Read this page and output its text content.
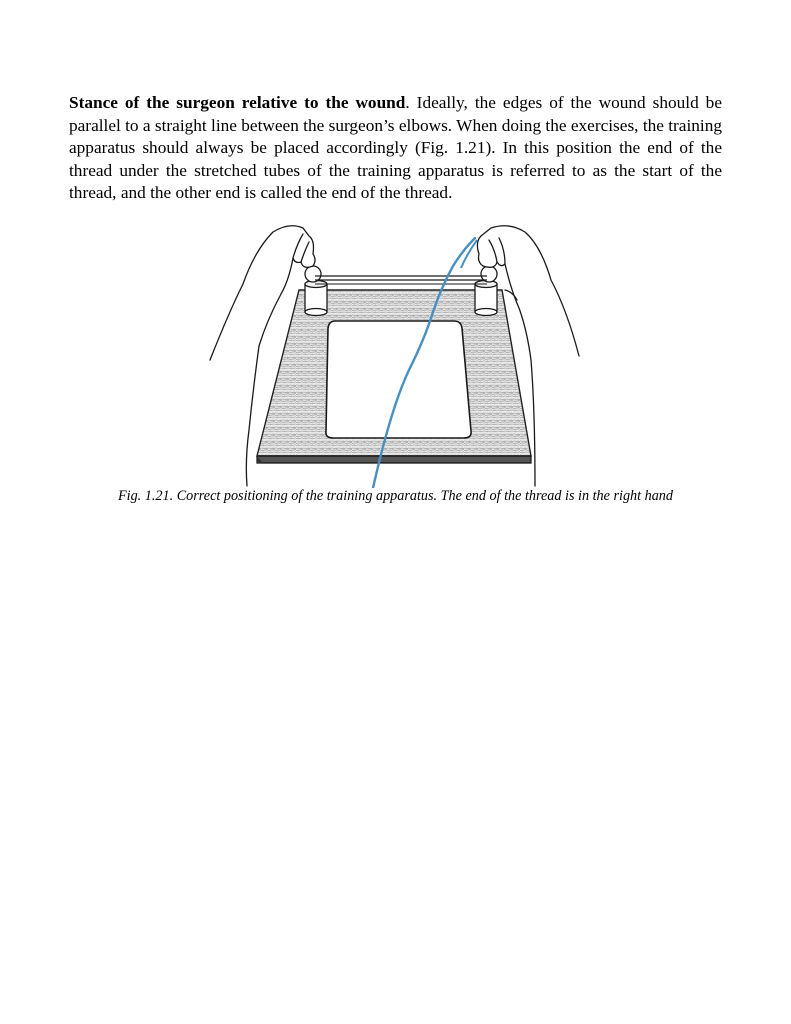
Stance of the surgeon relative to the wound. Ideally, the edges of the wound should be parallel to a straight line between the surgeon’s elbows. When doing the exercises, the training apparatus should always be placed accordingly (Fig. 1.21). In this position the end of the thread under the stretched tubes of the training apparatus is referred to as the start of the thread, and the other end is called the end of the thread.

Fig. 1.21. Correct positioning of the training apparatus. The end of the thread is in the right hand
